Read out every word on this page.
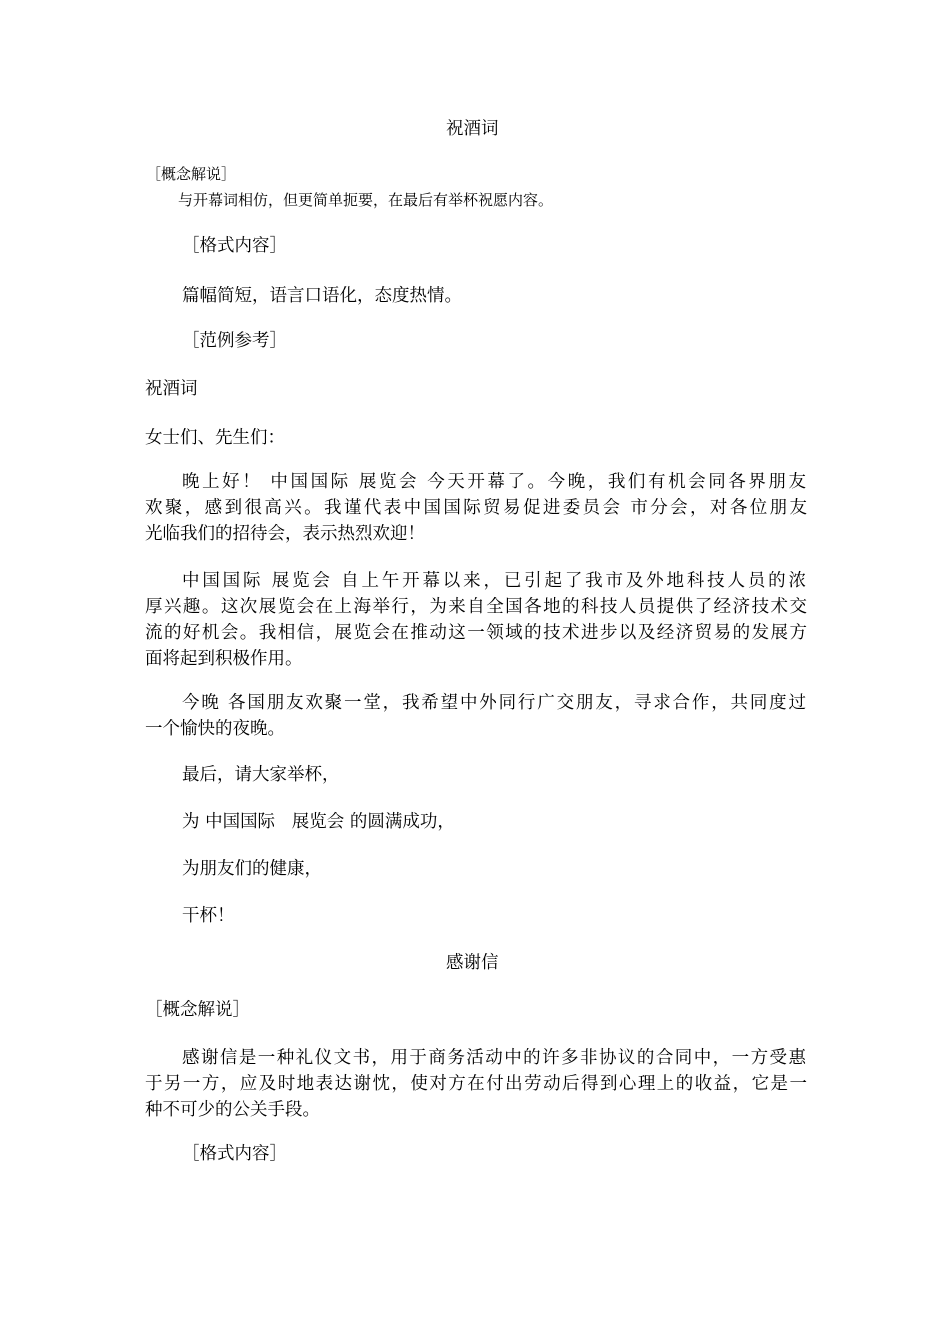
祝酒词

［概念解说］

与开幕词相仿，但更简单扼要，在最后有举杯祝愿内容。

［格式内容］

篇幅简短，语言口语化，态度热情。

［范例参考］

祝酒词

女士们、先生们：

晚上好！ 中国国际 展览会 今天开幕了。今晚，我们有机会同各界朋友

欢聚，感到很高兴。我谨代表中国国际贸易促进委员会 市分会，对各位朋友

光临我们的招待会，表示热烈欢迎！

中国国际 展览会 自上午开幕以来，已引起了我市及外地科技人员的浓

厚兴趣。这次展览会在上海举行，为来自全国各地的科技人员提供了经济技术交

流的好机会。我相信，展览会在推动这一领域的技术进步以及经济贸易的发展方

面将起到积极作用。

今晚 各国朋友欢聚一堂，我希望中外同行广交朋友，寻求合作，共同度过

一个愉快的夜晚。

最后，请大家举杯，

为 中国国际   展览会 的圆满成功，

为朋友们的健康，

干杯！

感谢信

［概念解说］

感谢信是一种礼仪文书，用于商务活动中的许多非协议的合同中，一方受惠

于另一方，应及时地表达谢忱，使对方在付出劳动后得到心理上的收益，它是一

种不可少的公关手段。

［格式内容］
